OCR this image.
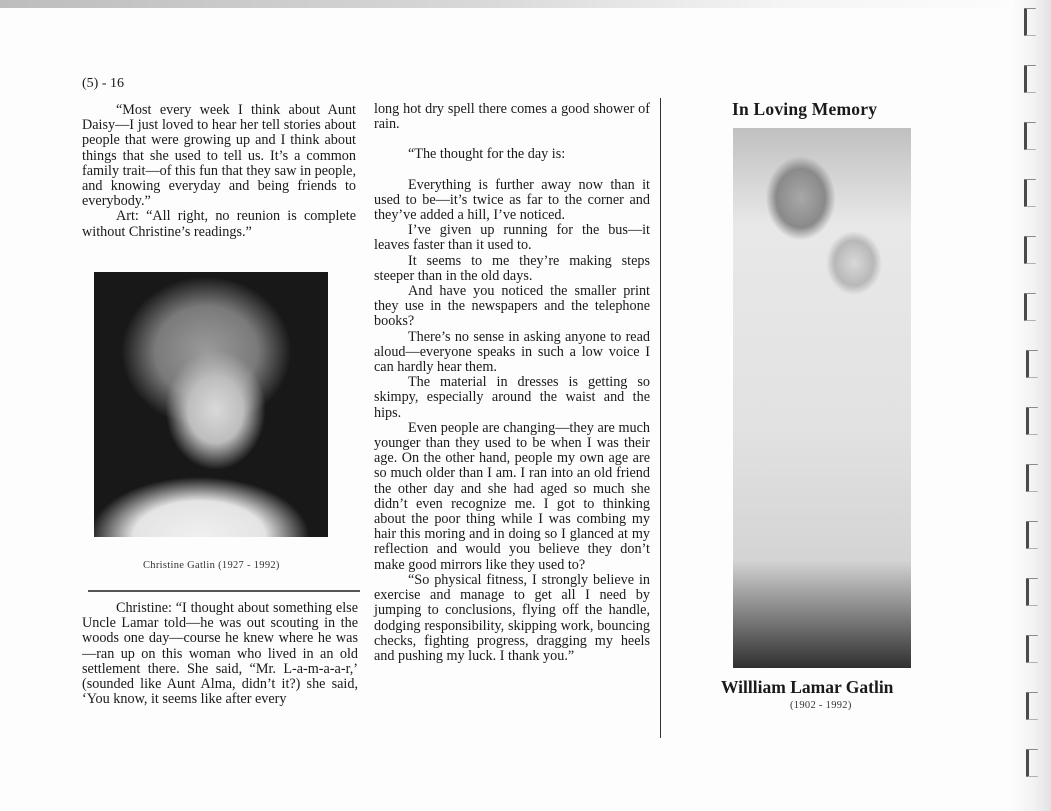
(5) - 16

“Most every week I think about Aunt Daisy—I just loved to hear her tell stories about people that were growing up and I think about things that she used to tell us. It’s a common family trait—of this fun that they saw in people, and knowing everyday and being friends to everybody.”

Art: “All right, no reunion is complete without Christine’s readings.”

Christine Gatlin (1927 - 1992)

Christine: “I thought about something else Uncle Lamar told—he was out scouting in the woods one day—course he knew where he was—ran up on this woman who lived in an old settlement there. She said, “Mr. L-a-m-a-a-r,’ (sounded like Aunt Alma, didn’t it?) she said, ‘You know, it seems like after every

long hot dry spell there comes a good shower of rain.

“The thought for the day is:

Everything is further away now than it used to be—it’s twice as far to the corner and they’ve added a hill, I’ve noticed.

I’ve given up running for the bus—it leaves faster than it used to.

It seems to me they’re making steps steeper than in the old days.

And have you noticed the smaller print they use in the newspapers and the telephone books?

There’s no sense in asking anyone to read aloud—everyone speaks in such a low voice I can hardly hear them.

The material in dresses is getting so skimpy, especially around the waist and the hips.

Even people are changing—they are much younger than they used to be when I was their age. On the other hand, people my own age are so much older than I am. I ran into an old friend the other day and she had aged so much she didn’t even recognize me. I got to thinking about the poor thing while I was combing my hair this moring and in doing so I glanced at my reflection and would you believe they don’t make good mirrors like they used to?

“So physical fitness, I strongly believe in exercise and manage to get all I need by jumping to conclusions, flying off the handle, dodging responsibility, skipping work, bouncing checks, fighting progress, dragging my heels and pushing my luck. I thank you.”

In Loving Memory
Willliam Lamar Gatlin
(1902 - 1992)
